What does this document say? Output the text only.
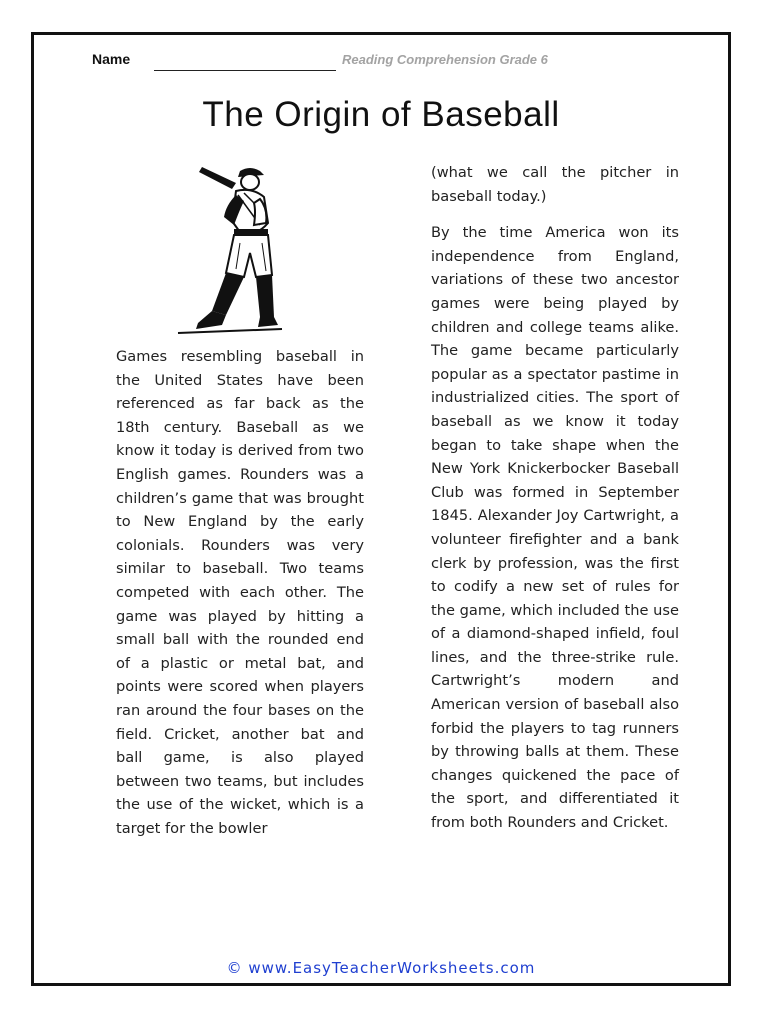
Name	Reading Comprehension Grade 6
The Origin of Baseball
Games resembling baseball in the United States have been referenced as far back as the 18th century. Baseball as we know it today is derived from two English games. Rounders was a children’s game that was brought to New England by the early colonials. Rounders was very similar to baseball. Two teams competed with each other. The game was played by hitting a small ball with the rounded end of a plastic or metal bat, and points were scored when players ran around the four bases on the field. Cricket, another bat and ball game, is also played between two teams, but includes the use of the wicket, which is a target for the bowler

(what we call the pitcher in baseball today.)

By the time America won its independence from England, variations of these two ancestor games were being played by children and college teams alike. The game became particularly popular as a spectator pastime in industrialized cities. The sport of baseball as we know it today began to take shape when the New York Knickerbocker Baseball Club was formed in September 1845. Alexander Joy Cartwright, a volunteer firefighter and a bank clerk by profession, was the first to codify a new set of rules for the game, which included the use of a diamond-shaped infield, foul lines, and the three-strike rule. Cartwright’s modern and American version of baseball also forbid the players to tag runners by throwing balls at them. These changes quickened the pace of the sport, and differentiated it from both Rounders and Cricket.

© www.EasyTeacherWorksheets.com
